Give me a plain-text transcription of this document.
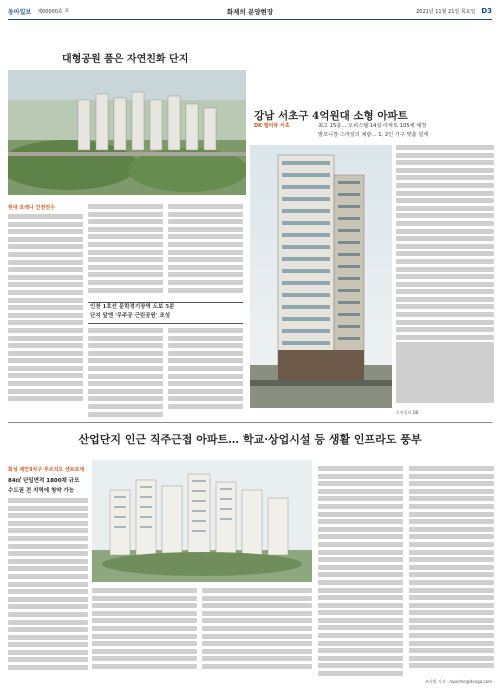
동아일보 제00000호 ①	화제의 분양현장	2021년 11월 21일 목요일 D3
대형공원 품은 자연친화 단지
현대 포레나 인천연수
인천 1호선 문학경기장역 도보 5분
단지 앞엔 '무주공 근린공원' 조성
강남 서초구 4억원대 소형 아파트
DK 밸리뷰 서초	최고 15층… 오피스텔 14실·아파트 105채 예정
발코니장·스마일의 채광… 1, 2인 가구 맞춤 설계
동아일보 DB
산업단지 인근 직주근접 아파트… 학교·상업시설 등 생활 인프라도 풍부
화성 제안3차구 푸르지오 센트로에
84㎡ 단일면적 1800채 규모
수도권 전 지역에 청약 가능
조사원 기자 · reporter@donga.com
